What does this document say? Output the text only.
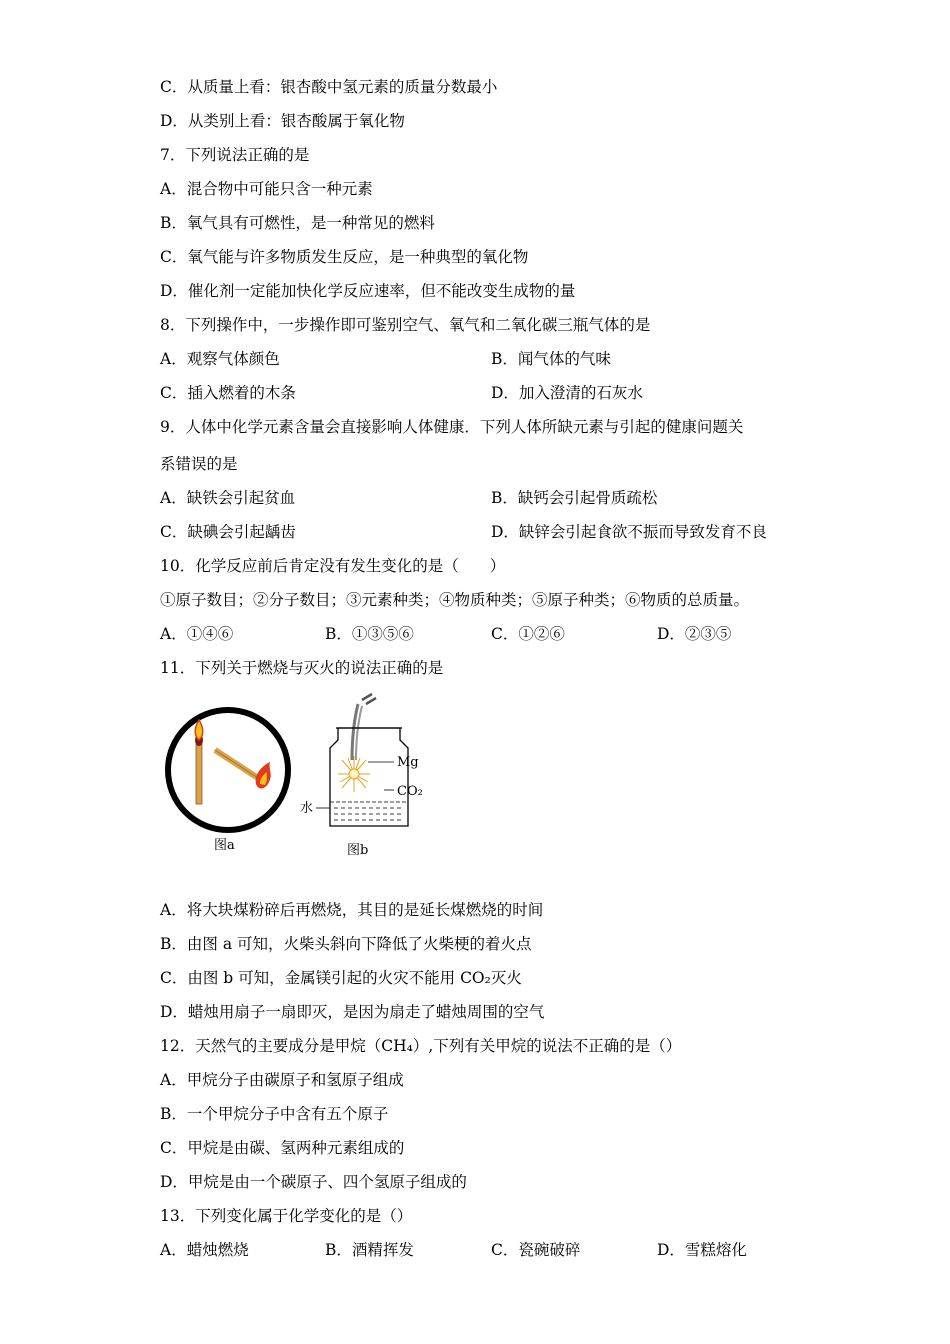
C．从质量上看：银杏酸中氢元素的质量分数最小
D．从类别上看：银杏酸属于氧化物
7．下列说法正确的是
A．混合物中可能只含一种元素
B．氧气具有可燃性，是一种常见的燃料
C．氧气能与许多物质发生反应，是一种典型的氧化物
D．催化剂一定能加快化学反应速率，但不能改变生成物的量
8．下列操作中，一步操作即可鉴别空气、氧气和二氧化碳三瓶气体的是
A．观察气体颜色	B．闻气体的气味
C．插入燃着的木条	D．加入澄清的石灰水
9．人体中化学元素含量会直接影响人体健康．下列人体所缺元素与引起的健康问题关
系错误的是
A．缺铁会引起贫血	B．缺钙会引起骨质疏松
C．缺碘会引起龋齿	D．缺锌会引起食欲不振而导致发育不良
10．化学反应前后肯定没有发生变化的是（　　）
①原子数目；②分子数目；③元素种类；④物质种类；⑤原子种类；⑥物质的总质量。
A．①④⑥	B．①③⑤⑥	C．①②⑥	D．②③⑤
11．下列关于燃烧与灭火的说法正确的是
图a
Mg
CO₂
水
图b
A．将大块煤粉碎后再燃烧，其目的是延长煤燃烧的时间
B．由图 a 可知，火柴头斜向下降低了火柴梗的着火点
C．由图 b 可知，金属镁引起的火灾不能用 CO₂灭火
D．蜡烛用扇子一扇即灭，是因为扇走了蜡烛周围的空气
12．天然气的主要成分是甲烷（CH₄）,下列有关甲烷的说法不正确的是（）
A．甲烷分子由碳原子和氢原子组成
B．一个甲烷分子中含有五个原子
C．甲烷是由碳、氢两种元素组成的
D．甲烷是由一个碳原子、四个氢原子组成的
13．下列变化属于化学变化的是（）
A．蜡烛燃烧	B．酒精挥发	C．瓷碗破碎	D．雪糕熔化
